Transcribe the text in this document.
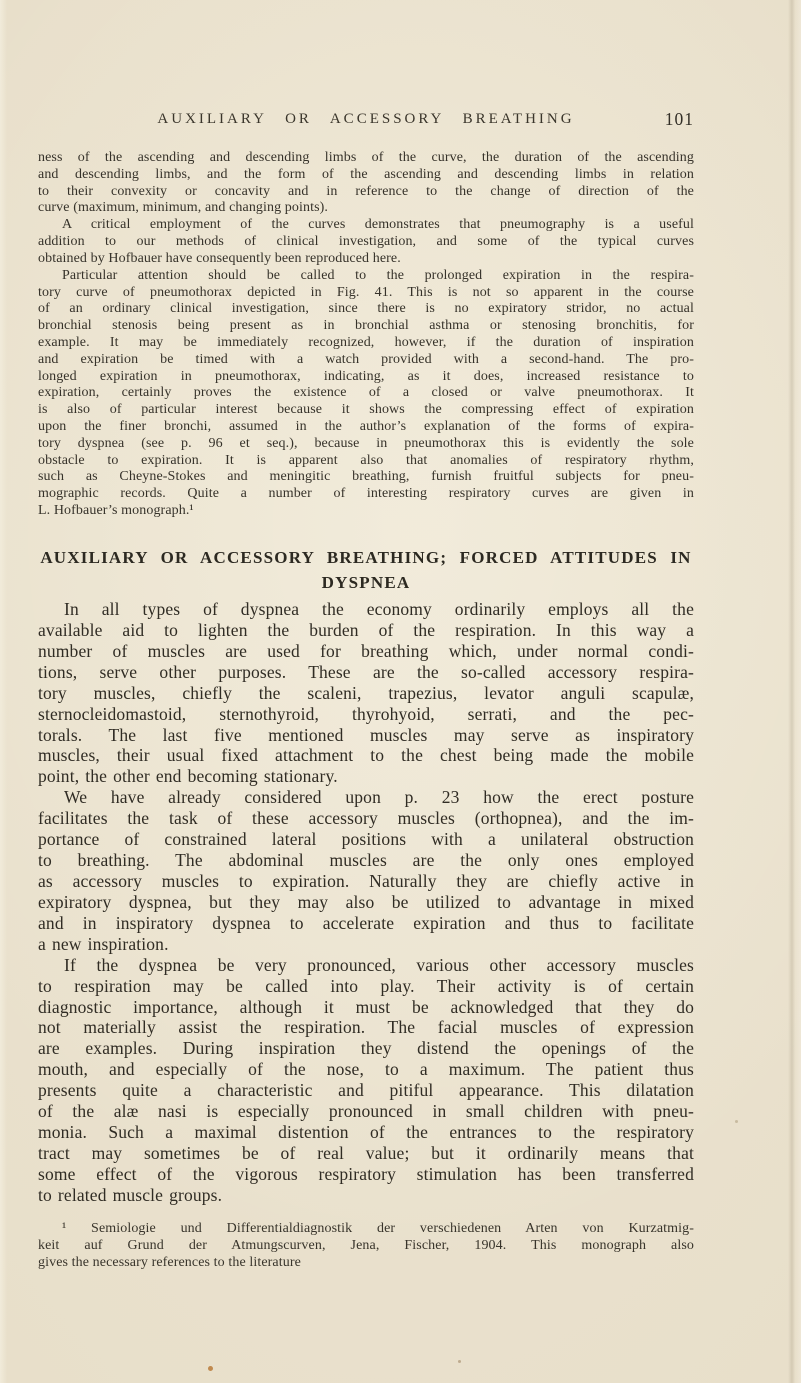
AUXILIARY OR ACCESSORY BREATHING	101
ness of the ascending and descending limbs of the curve, the duration of the ascending
and descending limbs, and the form of the ascending and descending limbs in relation
to their convexity or concavity and in reference to the change of direction of the
curve (maximum, minimum, and changing points).
A critical employment of the curves demonstrates that pneumography is a useful
addition to our methods of clinical investigation, and some of the typical curves
obtained by Hofbauer have consequently been reproduced here.
Particular attention should be called to the prolonged expiration in the respira-
tory curve of pneumothorax depicted in Fig. 41. This is not so apparent in the course
of an ordinary clinical investigation, since there is no expiratory stridor, no actual
bronchial stenosis being present as in bronchial asthma or stenosing bronchitis, for
example. It may be immediately recognized, however, if the duration of inspiration
and expiration be timed with a watch provided with a second-hand. The pro-
longed expiration in pneumothorax, indicating, as it does, increased resistance to
expiration, certainly proves the existence of a closed or valve pneumothorax. It
is also of particular interest because it shows the compressing effect of expiration
upon the finer bronchi, assumed in the author’s explanation of the forms of expira-
tory dyspnea (see p. 96 et seq.), because in pneumothorax this is evidently the sole
obstacle to expiration. It is apparent also that anomalies of respiratory rhythm,
such as Cheyne-Stokes and meningitic breathing, furnish fruitful subjects for pneu-
mographic records. Quite a number of interesting respiratory curves are given in
L. Hofbauer’s monograph.¹
AUXILIARY OR ACCESSORY BREATHING; FORCED ATTITUDES IN
DYSPNEA
In all types of dyspnea the economy ordinarily employs all the
available aid to lighten the burden of the respiration. In this way a
number of muscles are used for breathing which, under normal condi-
tions, serve other purposes. These are the so-called accessory respira-
tory muscles, chiefly the scaleni, trapezius, levator anguli scapulæ,
sternocleidomastoid, sternothyroid, thyrohyoid, serrati, and the pec-
torals. The last five mentioned muscles may serve as inspiratory
muscles, their usual fixed attachment to the chest being made the mobile
point, the other end becoming stationary.
We have already considered upon p. 23 how the erect posture
facilitates the task of these accessory muscles (orthopnea), and the im-
portance of constrained lateral positions with a unilateral obstruction
to breathing. The abdominal muscles are the only ones employed
as accessory muscles to expiration. Naturally they are chiefly active in
expiratory dyspnea, but they may also be utilized to advantage in mixed
and in inspiratory dyspnea to accelerate expiration and thus to facilitate
a new inspiration.
If the dyspnea be very pronounced, various other accessory muscles
to respiration may be called into play. Their activity is of certain
diagnostic importance, although it must be acknowledged that they do
not materially assist the respiration. The facial muscles of expression
are examples. During inspiration they distend the openings of the
mouth, and especially of the nose, to a maximum. The patient thus
presents quite a characteristic and pitiful appearance. This dilatation
of the alæ nasi is especially pronounced in small children with pneu-
monia. Such a maximal distention of the entrances to the respiratory
tract may sometimes be of real value; but it ordinarily means that
some effect of the vigorous respiratory stimulation has been transferred
to related muscle groups.
¹ Semiologie und Differentialdiagnostik der verschiedenen Arten von Kurzatmig-
keit auf Grund der Atmungscurven, Jena, Fischer, 1904. This monograph also
gives the necessary references to the literature
